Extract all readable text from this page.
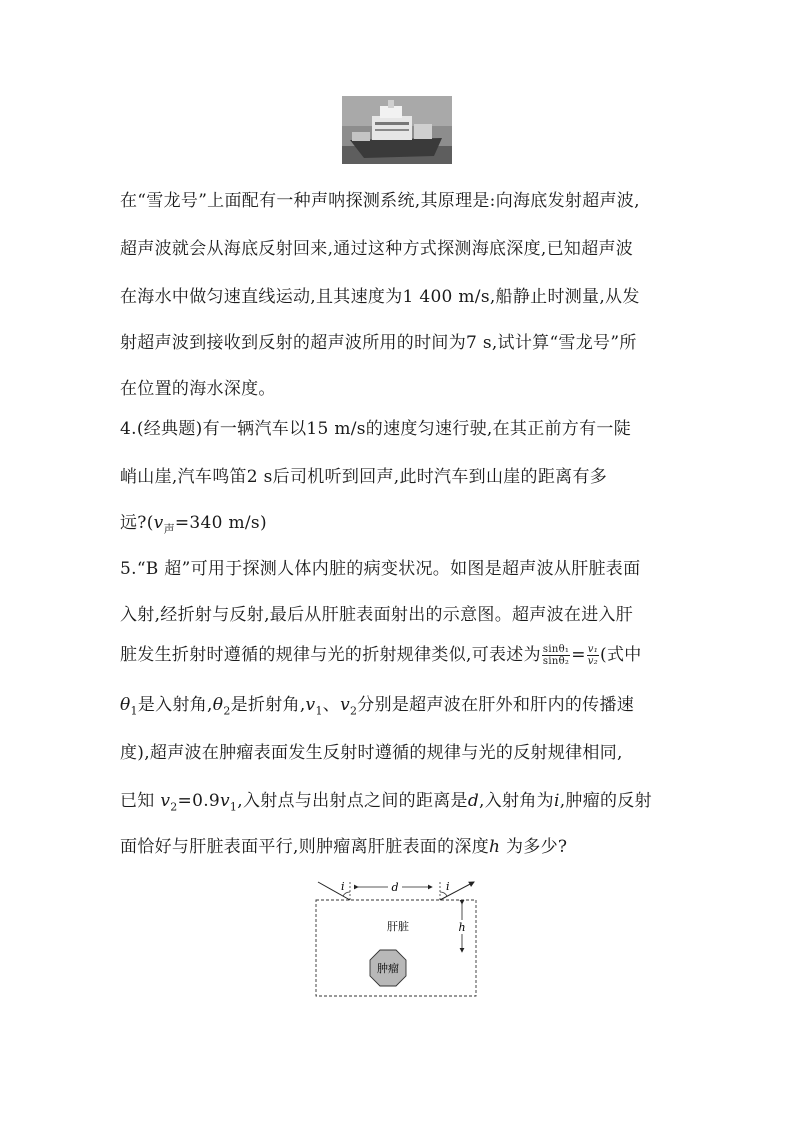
在“雪龙号”上面配有一种声呐探测系统,其原理是:向海底发射超声波,
超声波就会从海底反射回来,通过这种方式探测海底深度,已知超声波
在海水中做匀速直线运动,且其速度为1 400 m/s,船静止时测量,从发
射超声波到接收到反射的超声波所用的时间为7 s,试计算“雪龙号”所
在位置的海水深度。
4.(经典题)有一辆汽车以15 m/s的速度匀速行驶,在其正前方有一陡
峭山崖,汽车鸣笛2 s后司机听到回声,此时汽车到山崖的距离有多
远$?(v_声=340$ m/s)
5.“B 超”可用于探测人体内脏的病变状况。如图是超声波从肝脏表面
入射,经折射与反射,最后从肝脏表面射出的示意图。超声波在进入肝
脏发生折射时遵循的规律与光的折射规律类似,可表述为 $\frac{\text{sinθ₁}}{\text{sinθ₂}} = \frac{\text{v₁}}{\text{v₂}}$ (式中
$\theta_1$是入射角$,\theta_2$是折射角$,v_1$、$v_2$分别是超声波在肝外和肝内的传播速
度),超声波在肿瘤表面发生反射时遵循的规律与光的反射规律相同,
已知 $v_2=0.9v_1$,入射点与出射点之间的距离是d,入射角为i,肿瘤的反射
面恰好与肝脏表面平行,则肿瘤离肝脏表面的深度h 为多少?
i	d	i
肝脏	h
肿瘤
